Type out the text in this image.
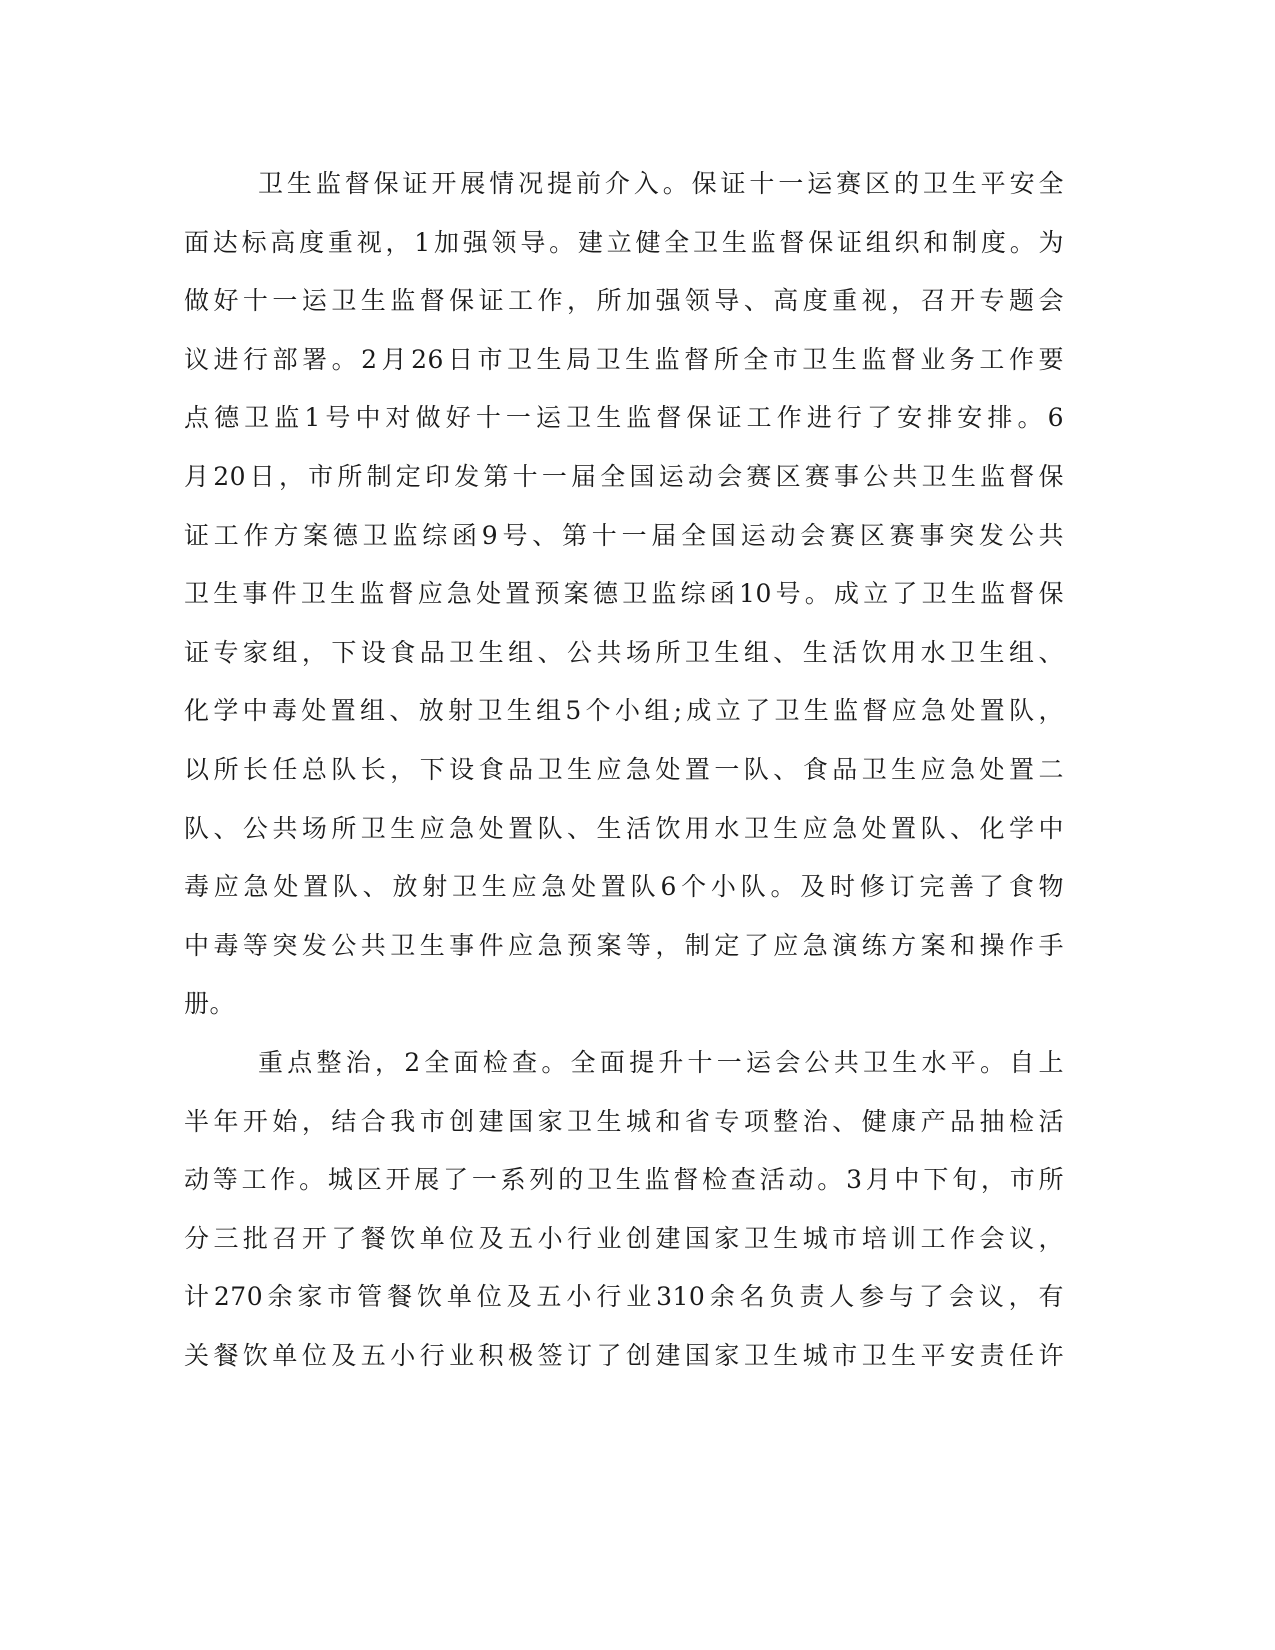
卫生监督保证开展情况提前介入。保证十一运赛区的卫生平安全
面达标高度重视，1加强领导。建立健全卫生监督保证组织和制度。为
做好十一运卫生监督保证工作，所加强领导、高度重视，召开专题会
议进行部署。2月26日市卫生局卫生监督所全市卫生监督业务工作要
点德卫监1号中对做好十一运卫生监督保证工作进行了安排安排。6
月20日，市所制定印发第十一届全国运动会赛区赛事公共卫生监督保
证工作方案德卫监综函9号、第十一届全国运动会赛区赛事突发公共
卫生事件卫生监督应急处置预案德卫监综函10号。成立了卫生监督保
证专家组，下设食品卫生组、公共场所卫生组、生活饮用水卫生组、
化学中毒处置组、放射卫生组5个小组;成立了卫生监督应急处置队，
以所长任总队长，下设食品卫生应急处置一队、食品卫生应急处置二
队、公共场所卫生应急处置队、生活饮用水卫生应急处置队、化学中
毒应急处置队、放射卫生应急处置队6个小队。及时修订完善了食物
中毒等突发公共卫生事件应急预案等，制定了应急演练方案和操作手
册。
重点整治，2全面检查。全面提升十一运会公共卫生水平。自上
半年开始，结合我市创建国家卫生城和省专项整治、健康产品抽检活
动等工作。城区开展了一系列的卫生监督检查活动。3月中下旬，市所
分三批召开了餐饮单位及五小行业创建国家卫生城市培训工作会议，
计270余家市管餐饮单位及五小行业310余名负责人参与了会议，有
关餐饮单位及五小行业积极签订了创建国家卫生城市卫生平安责任许
